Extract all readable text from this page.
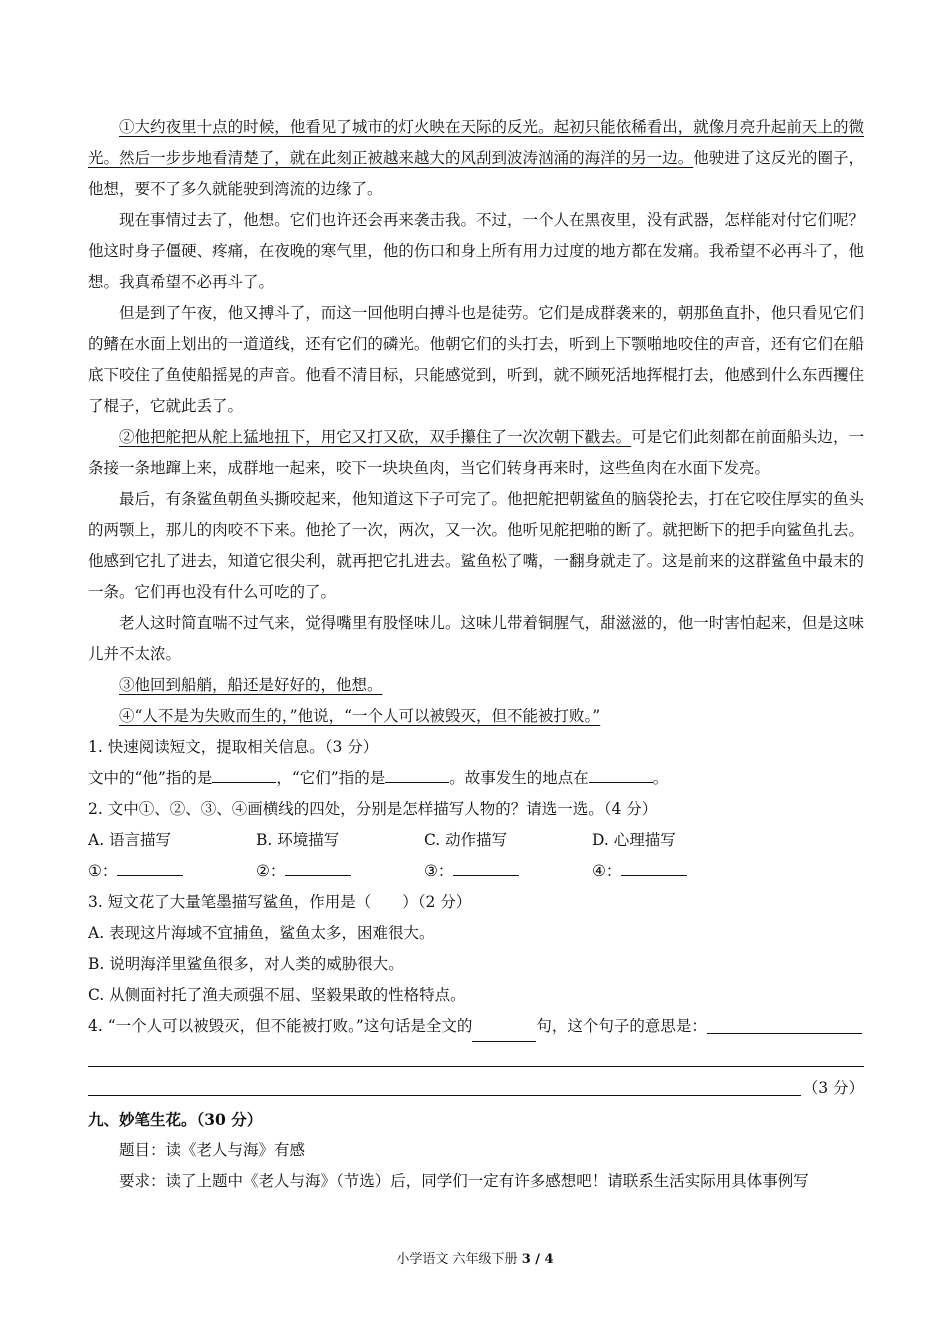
①大约夜里十点的时候，他看见了城市的灯火映在天际的反光。起初只能依稀看出，就像月亮升起前天上的微光。然后一步步地看清楚了，就在此刻正被越来越大的风刮到波涛汹涌的海洋的另一边。他驶进了这反光的圈子，他想，要不了多久就能驶到湾流的边缘了。

现在事情过去了，他想。它们也许还会再来袭击我。不过，一个人在黑夜里，没有武器，怎样能对付它们呢？他这时身子僵硬、疼痛，在夜晚的寒气里，他的伤口和身上所有用力过度的地方都在发痛。我希望不必再斗了，他想。我真希望不必再斗了。

但是到了午夜，他又搏斗了，而这一回他明白搏斗也是徒劳。它们是成群袭来的，朝那鱼直扑，他只看见它们的鳍在水面上划出的一道道线，还有它们的磷光。他朝它们的头打去，听到上下颚啪地咬住的声音，还有它们在船底下咬住了鱼使船摇晃的声音。他看不清目标，只能感觉到，听到，就不顾死活地挥棍打去，他感到什么东西攫住了棍子，它就此丢了。

②他把舵把从舵上猛地扭下，用它又打又砍，双手攥住了一次次朝下戳去。可是它们此刻都在前面船头边，一条接一条地蹿上来，成群地一起来，咬下一块块鱼肉，当它们转身再来时，这些鱼肉在水面下发亮。

最后，有条鲨鱼朝鱼头撕咬起来，他知道这下子可完了。他把舵把朝鲨鱼的脑袋抡去，打在它咬住厚实的鱼头的两颚上，那儿的肉咬不下来。他抡了一次，两次，又一次。他听见舵把啪的断了。就把断下的把手向鲨鱼扎去。他感到它扎了进去，知道它很尖利，就再把它扎进去。鲨鱼松了嘴，一翻身就走了。这是前来的这群鲨鱼中最末的一条。它们再也没有什么可吃的了。

老人这时简直喘不过气来，觉得嘴里有股怪味儿。这味儿带着铜腥气，甜滋滋的，他一时害怕起来，但是这味儿并不太浓。

③他回到船艄，船还是好好的，他想。

④“人不是为失败而生的，”他说，“一个人可以被毁灭，但不能被打败。”

1. 快速阅读短文，提取相关信息。（3 分）

文中的“他”指的是	，“它们”指的是	。故事发生的地点在	。

2. 文中①、②、③、④画横线的四处，分别是怎样描写人物的？请选一选。（4 分）

A. 语言描写	B. 环境描写	C. 动作描写	D. 心理描写
①：	②：	③：	④：

3. 短文花了大量笔墨描写鲨鱼，作用是（　　）（2 分）

A. 表现这片海域不宜捕鱼，鲨鱼太多，困难很大。

B. 说明海洋里鲨鱼很多，对人类的威胁很大。

C. 从侧面衬托了渔夫顽强不屈、坚毅果敢的性格特点。

4. “一个人可以被毁灭，但不能被打败。”这句话是全文的	句，这个句子的意思是：
（3 分）

九、妙笔生花。（30 分）

题目：读《老人与海》有感

要求：读了上题中《老人与海》（节选）后，同学们一定有许多感想吧！请联系生活实际用具体事例写

小学语文 六年级下册 3 / 4
